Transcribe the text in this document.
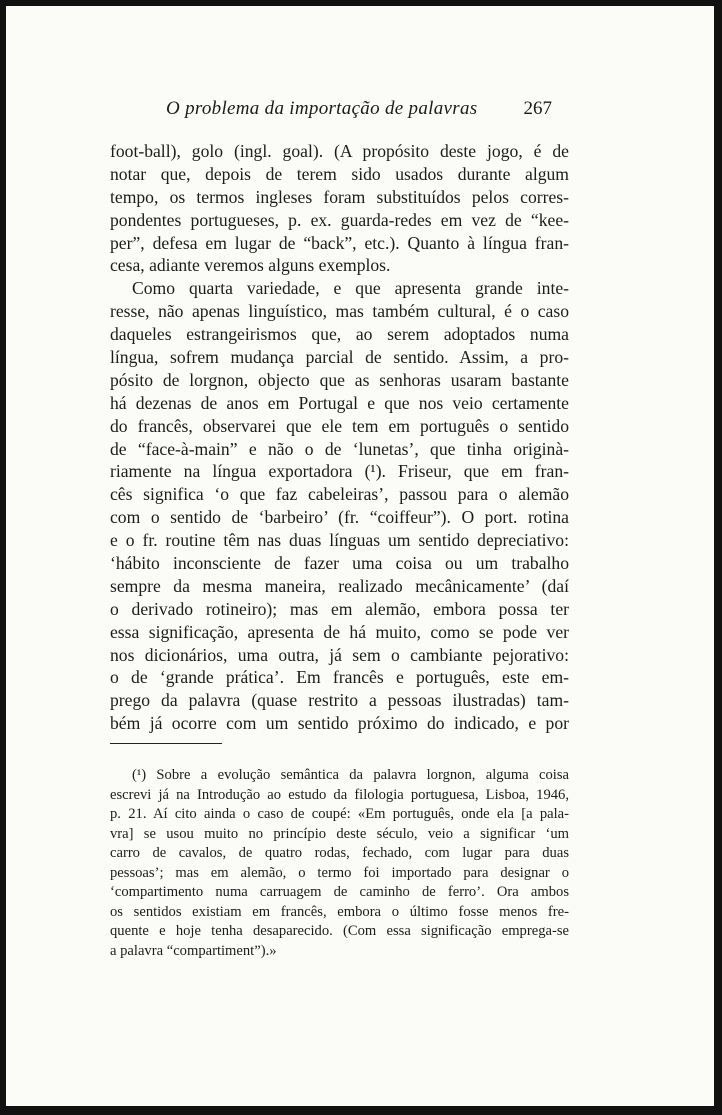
O problema da importação de palavras 267
foot-ball), golo (ingl. goal). (A propósito deste jogo, é de
notar que, depois de terem sido usados durante algum
tempo, os termos ingleses foram substituídos pelos corres-
pondentes portugueses, p. ex. guarda-redes em vez de “kee-
per”, defesa em lugar de “back”, etc.). Quanto à língua fran-
cesa, adiante veremos alguns exemplos.
Como quarta variedade, e que apresenta grande inte-
resse, não apenas linguístico, mas também cultural, é o caso
daqueles estrangeirismos que, ao serem adoptados numa
língua, sofrem mudança parcial de sentido. Assim, a pro-
pósito de lorgnon, objecto que as senhoras usaram bastante
há dezenas de anos em Portugal e que nos veio certamente
do francês, observarei que ele tem em português o sentido
de “face-à-main” e não o de ‘lunetas’, que tinha originà-
riamente na língua exportadora (¹). Friseur, que em fran-
cês significa ‘o que faz cabeleiras’, passou para o alemão
com o sentido de ‘barbeiro’ (fr. “coiffeur”). O port. rotina
e o fr. routine têm nas duas línguas um sentido depreciativo:
‘hábito inconsciente de fazer uma coisa ou um trabalho
sempre da mesma maneira, realizado mecânicamente’ (daí
o derivado rotineiro); mas em alemão, embora possa ter
essa significação, apresenta de há muito, como se pode ver
nos dicionários, uma outra, já sem o cambiante pejorativo:
o de ‘grande prática’. Em francês e português, este em-
prego da palavra (quase restrito a pessoas ilustradas) tam-
bém já ocorre com um sentido próximo do indicado, e por
(¹) Sobre a evolução semântica da palavra lorgnon, alguma coisa
escrevi já na Introdução ao estudo da filologia portuguesa, Lisboa, 1946,
p. 21. Aí cito ainda o caso de coupé: «Em português, onde ela [a pala-
vra] se usou muito no princípio deste século, veio a significar ‘um
carro de cavalos, de quatro rodas, fechado, com lugar para duas
pessoas’; mas em alemão, o termo foi importado para designar o
‘compartimento numa carruagem de caminho de ferro’. Ora ambos
os sentidos existiam em francês, embora o último fosse menos fre-
quente e hoje tenha desaparecido. (Com essa significação emprega-se
a palavra “compartiment”).»
